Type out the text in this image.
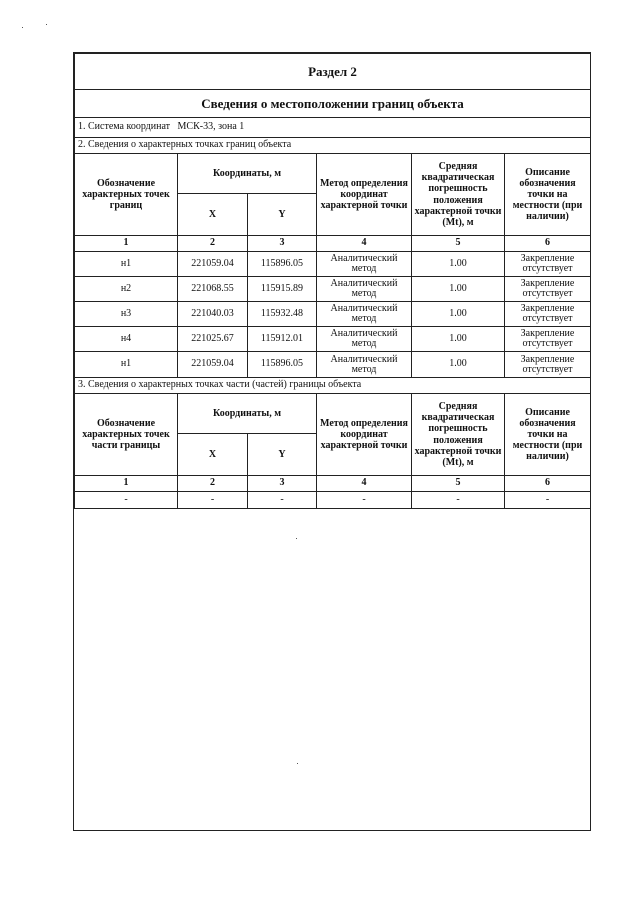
Раздел 2					
Сведения о местоположении границ объекта					
1. Система координат МСК-33, зона 1					
2. Сведения о характерных точках границ объекта					
Обозначение характерных точек границ	Координаты, м		Метод определения координат характерной точки	Средняя квадратическая погрешность положения характерной точки (Mt), м	Описание обозначения точки на местности (при наличии)
	X	Y			
1	2	3	4	5	6
н1	221059.04	115896.05	Аналитический метод	1.00	Закрепление отсутствует
н2	221068.55	115915.89	Аналитический метод	1.00	Закрепление отсутствует
н3	221040.03	115932.48	Аналитический метод	1.00	Закрепление отсутствует
н4	221025.67	115912.01	Аналитический метод	1.00	Закрепление отсутствует
н1	221059.04	115896.05	Аналитический метод	1.00	Закрепление отсутствует
3. Сведения о характерных точках части (частей) границы объекта					
Обозначение характерных точек части границы	Координаты, м		Метод определения координат характерной точки	Средняя квадратическая погрешность положения характерной точки (Mt), м	Описание обозначения точки на местности (при наличии)
	X	Y			
1	2	3	4	5	6
-	-	-	-	-	-
